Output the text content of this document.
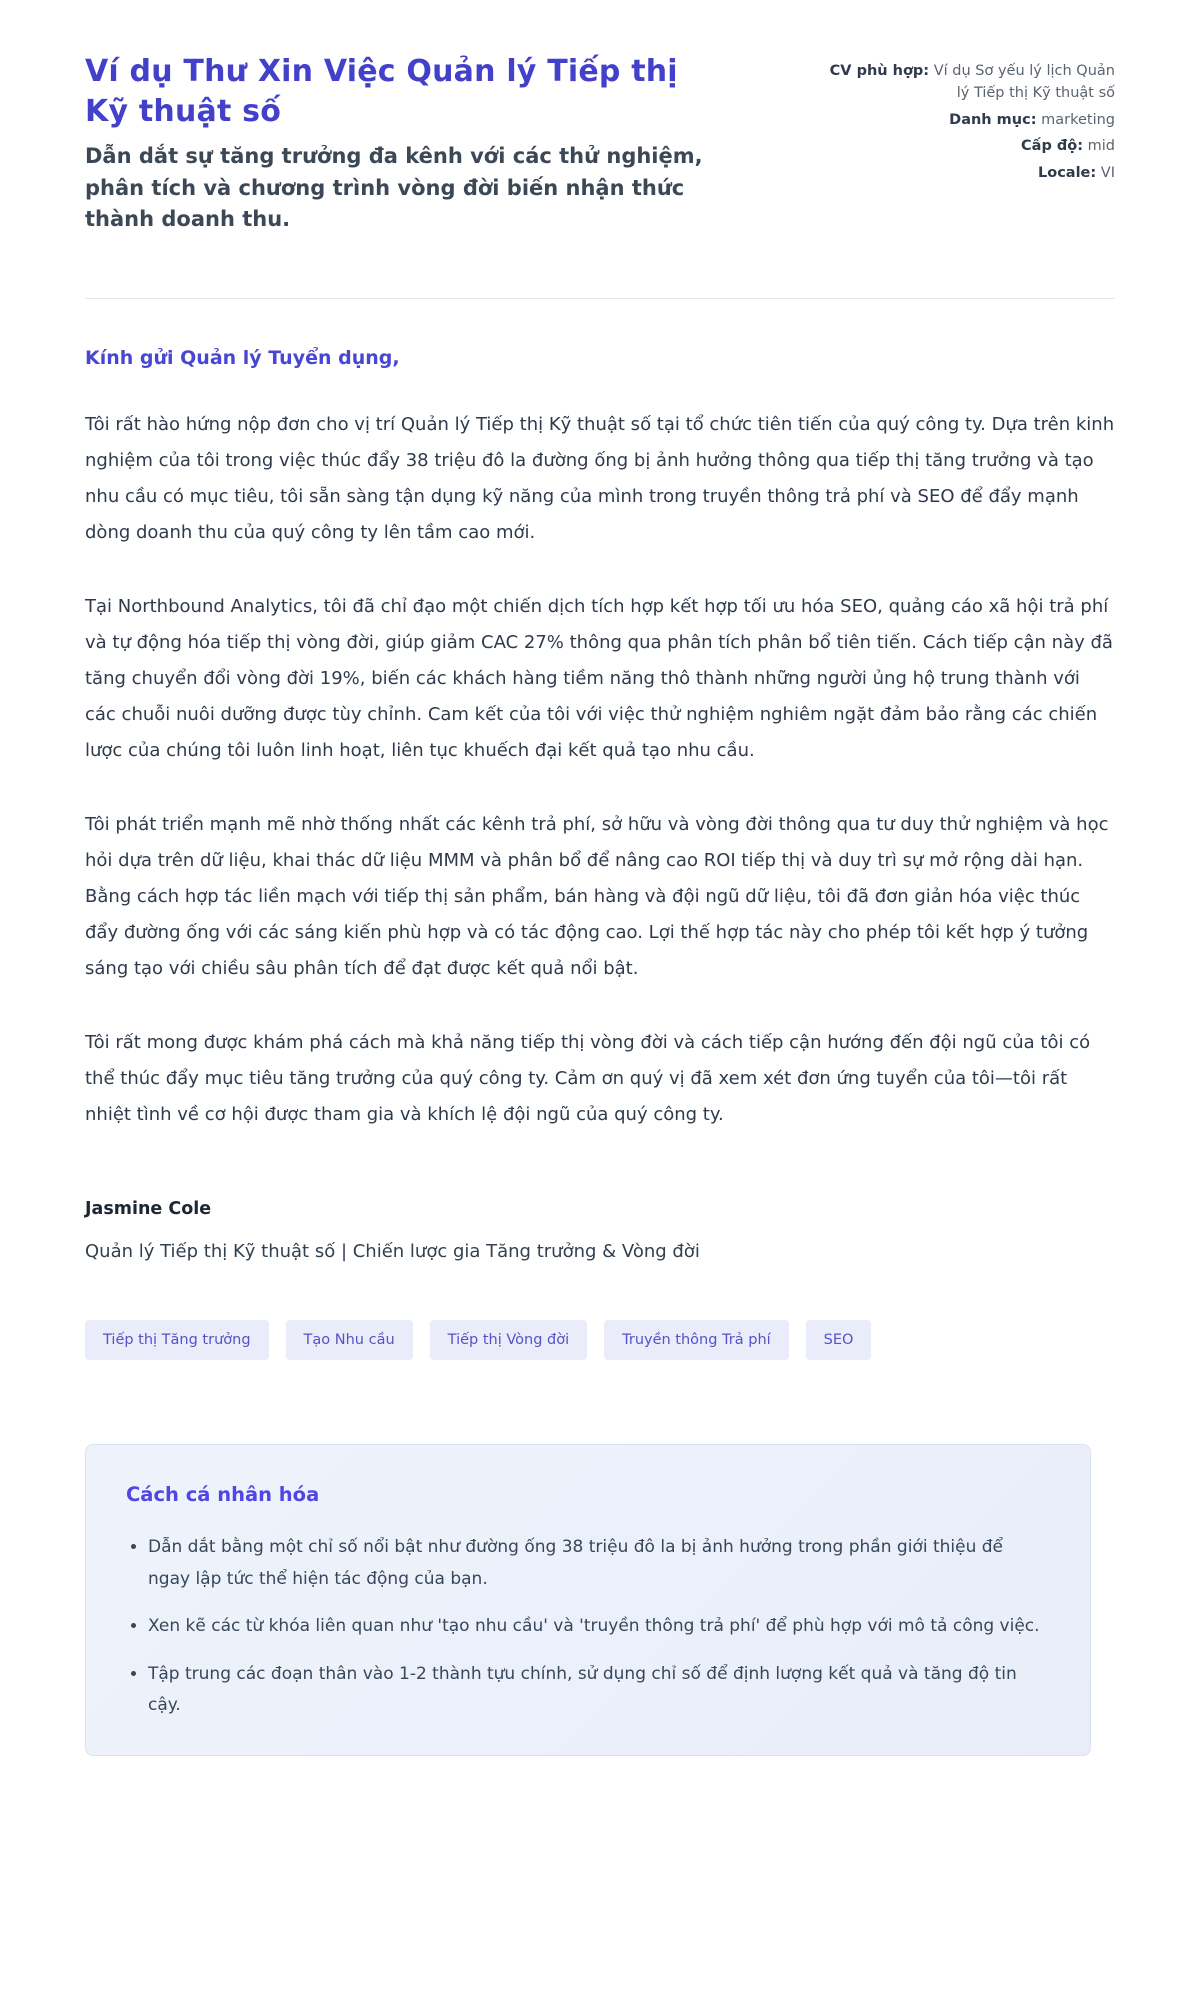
Ví dụ Thư Xin Việc Quản lý Tiếp thị Kỹ thuật số

Dẫn dắt sự tăng trưởng đa kênh với các thử nghiệm, phân tích và chương trình vòng đời biến nhận thức thành doanh thu.

CV phù hợp: Ví dụ Sơ yếu lý lịch Quản lý Tiếp thị Kỹ thuật số
Danh mục: marketing
Cấp độ: mid
Locale: VI

Kính gửi Quản lý Tuyển dụng,

Tôi rất hào hứng nộp đơn cho vị trí Quản lý Tiếp thị Kỹ thuật số tại tổ chức tiên tiến của quý công ty. Dựa trên kinh nghiệm của tôi trong việc thúc đẩy 38 triệu đô la đường ống bị ảnh hưởng thông qua tiếp thị tăng trưởng và tạo nhu cầu có mục tiêu, tôi sẵn sàng tận dụng kỹ năng của mình trong truyền thông trả phí và SEO để đẩy mạnh dòng doanh thu của quý công ty lên tầm cao mới.

Tại Northbound Analytics, tôi đã chỉ đạo một chiến dịch tích hợp kết hợp tối ưu hóa SEO, quảng cáo xã hội trả phí và tự động hóa tiếp thị vòng đời, giúp giảm CAC 27% thông qua phân tích phân bổ tiên tiến. Cách tiếp cận này đã tăng chuyển đổi vòng đời 19%, biến các khách hàng tiềm năng thô thành những người ủng hộ trung thành với các chuỗi nuôi dưỡng được tùy chỉnh. Cam kết của tôi với việc thử nghiệm nghiêm ngặt đảm bảo rằng các chiến lược của chúng tôi luôn linh hoạt, liên tục khuếch đại kết quả tạo nhu cầu.

Tôi phát triển mạnh mẽ nhờ thống nhất các kênh trả phí, sở hữu và vòng đời thông qua tư duy thử nghiệm và học hỏi dựa trên dữ liệu, khai thác dữ liệu MMM và phân bổ để nâng cao ROI tiếp thị và duy trì sự mở rộng dài hạn. Bằng cách hợp tác liền mạch với tiếp thị sản phẩm, bán hàng và đội ngũ dữ liệu, tôi đã đơn giản hóa việc thúc đẩy đường ống với các sáng kiến phù hợp và có tác động cao. Lợi thế hợp tác này cho phép tôi kết hợp ý tưởng sáng tạo với chiều sâu phân tích để đạt được kết quả nổi bật.

Tôi rất mong được khám phá cách mà khả năng tiếp thị vòng đời và cách tiếp cận hướng đến đội ngũ của tôi có thể thúc đẩy mục tiêu tăng trưởng của quý công ty. Cảm ơn quý vị đã xem xét đơn ứng tuyển của tôi—tôi rất nhiệt tình về cơ hội được tham gia và khích lệ đội ngũ của quý công ty.

Jasmine Cole

Quản lý Tiếp thị Kỹ thuật số | Chiến lược gia Tăng trưởng & Vòng đời

Tiếp thị Tăng trưởng	Tạo Nhu cầu	Tiếp thị Vòng đời	Truyền thông Trả phí	SEO
Cách cá nhân hóa
• Dẫn dắt bằng một chỉ số nổi bật như đường ống 38 triệu đô la bị ảnh hưởng trong phần giới thiệu để ngay lập tức thể hiện tác động của bạn.
• Xen kẽ các từ khóa liên quan như 'tạo nhu cầu' và 'truyền thông trả phí' để phù hợp với mô tả công việc.
• Tập trung các đoạn thân vào 1-2 thành tựu chính, sử dụng chỉ số để định lượng kết quả và tăng độ tin cậy.
